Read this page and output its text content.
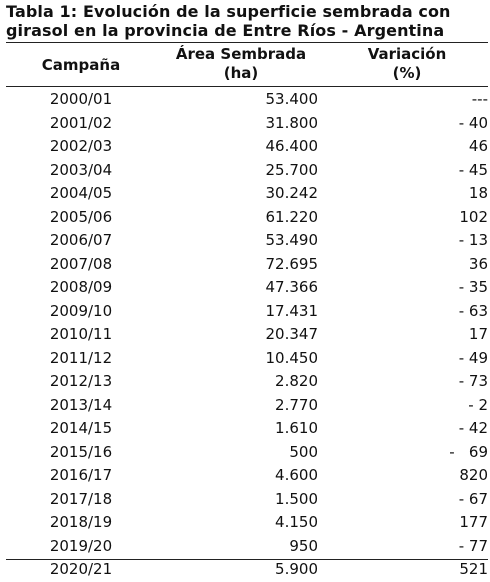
Tabla 1: Evolución de la superficie sembrada con
girasol en la provincia de Entre Ríos - Argentina
Campaña
Área Sembrada
(ha)
Variación
(%)
2000/01	53.400	---
2001/02	31.800	- 40
2002/03	46.400	46
2003/04	25.700	- 45
2004/05	30.242	18
2005/06	61.220	102
2006/07	53.490	- 13
2007/08	72.695	36
2008/09	47.366	- 35
2009/10	17.431	- 63
2010/11	20.347	17
2011/12	10.450	- 49
2012/13	2.820	- 73
2013/14	2.770	- 2
2014/15	1.610	- 42
2015/16	500	-   69
2016/17	4.600	820
2017/18	1.500	- 67
2018/19	4.150	177
2019/20	950	- 77
2020/21	5.900	521
